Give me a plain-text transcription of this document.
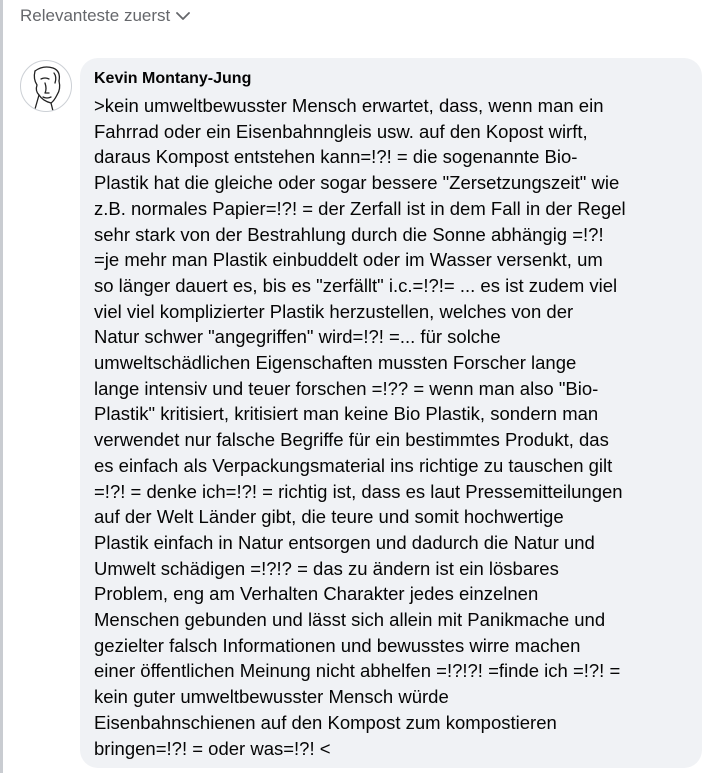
Relevanteste zuerst
Kevin Montany-Jung
>kein umweltbewusster Mensch erwartet, dass, wenn man ein
Fahrrad oder ein Eisenbahnngleis usw. auf den Kopost wirft,
daraus Kompost entstehen kann=!?! = die sogenannte Bio-
Plastik hat die gleiche oder sogar bessere "Zersetzungszeit" wie
z.B. normales Papier=!?! = der Zerfall ist in dem Fall in der Regel
sehr stark von der Bestrahlung durch die Sonne abhängig =!?!
=je mehr man Plastik einbuddelt oder im Wasser versenkt, um
so länger dauert es, bis es "zerfällt" i.c.=!?!= ... es ist zudem viel
viel viel komplizierter Plastik herzustellen, welches von der
Natur schwer "angegriffen" wird=!?! =... für solche
umweltschädlichen Eigenschaften mussten Forscher lange
lange intensiv und teuer forschen =!?? = wenn man also "Bio-
Plastik" kritisiert, kritisiert man keine Bio Plastik, sondern man
verwendet nur falsche Begriffe für ein bestimmtes Produkt, das
es einfach als Verpackungsmaterial ins richtige zu tauschen gilt
=!?! = denke ich=!?! = richtig ist, dass es laut Pressemitteilungen
auf der Welt Länder gibt, die teure und somit hochwertige
Plastik einfach in Natur entsorgen und dadurch die Natur und
Umwelt schädigen =!?!? = das zu ändern ist ein lösbares
Problem, eng am Verhalten Charakter jedes einzelnen
Menschen gebunden und lässt sich allein mit Panikmache und
gezielter falsch Informationen und bewusstes wirre machen
einer öffentlichen Meinung nicht abhelfen =!?!?! =finde ich =!?! =
kein guter umweltbewusster Mensch würde
Eisenbahnschienen auf den Kompost zum kompostieren
bringen=!?! = oder was=!?! <
